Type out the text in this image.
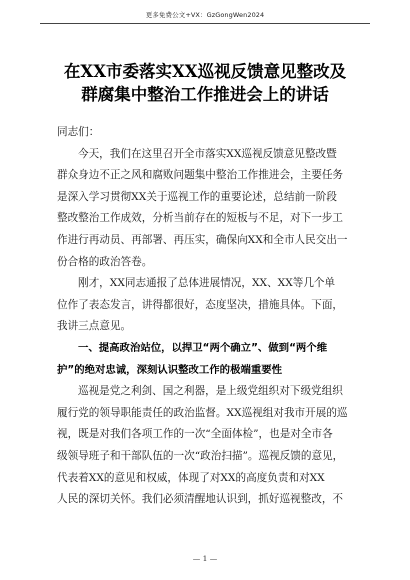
更多免费公文+VX：GzGongWen2024
在XX市委落实XX巡视反馈意见整改及
群腐集中整治工作推进会上的讲话
同志们：
今天，我们在这里召开全市落实XX巡视反馈意见整改暨
群众身边不正之风和腐败问题集中整治工作推进会，主要任务
是深入学习贯彻XX关于巡视工作的重要论述，总结前一阶段
整改整治工作成效，分析当前存在的短板与不足，对下一步工
作进行再动员、再部署、再压实，确保向XX和全市人民交出一
份合格的政治答卷。
刚才，XX同志通报了总体进展情况，XX、XX等几个单
位作了表态发言，讲得都很好，态度坚决，措施具体。下面，
我讲三点意见。
一、提高政治站位，以捍卫“两个确立”、做到“两个维
护”的绝对忠诚，深刻认识整改工作的极端重要性
巡视是党之利剑、国之利器，是上级党组织对下级党组织
履行党的领导职能责任的政治监督。XX巡视组对我市开展的巡
视，既是对我们各项工作的一次“全面体检”，也是对全市各
级领导班子和干部队伍的一次“政治扫描”。巡视反馈的意见，
代表着XX的意见和权威，体现了对XX的高度负责和对XX
人民的深切关怀。我们必须清醒地认识到，抓好巡视整改，不
— 1 —
